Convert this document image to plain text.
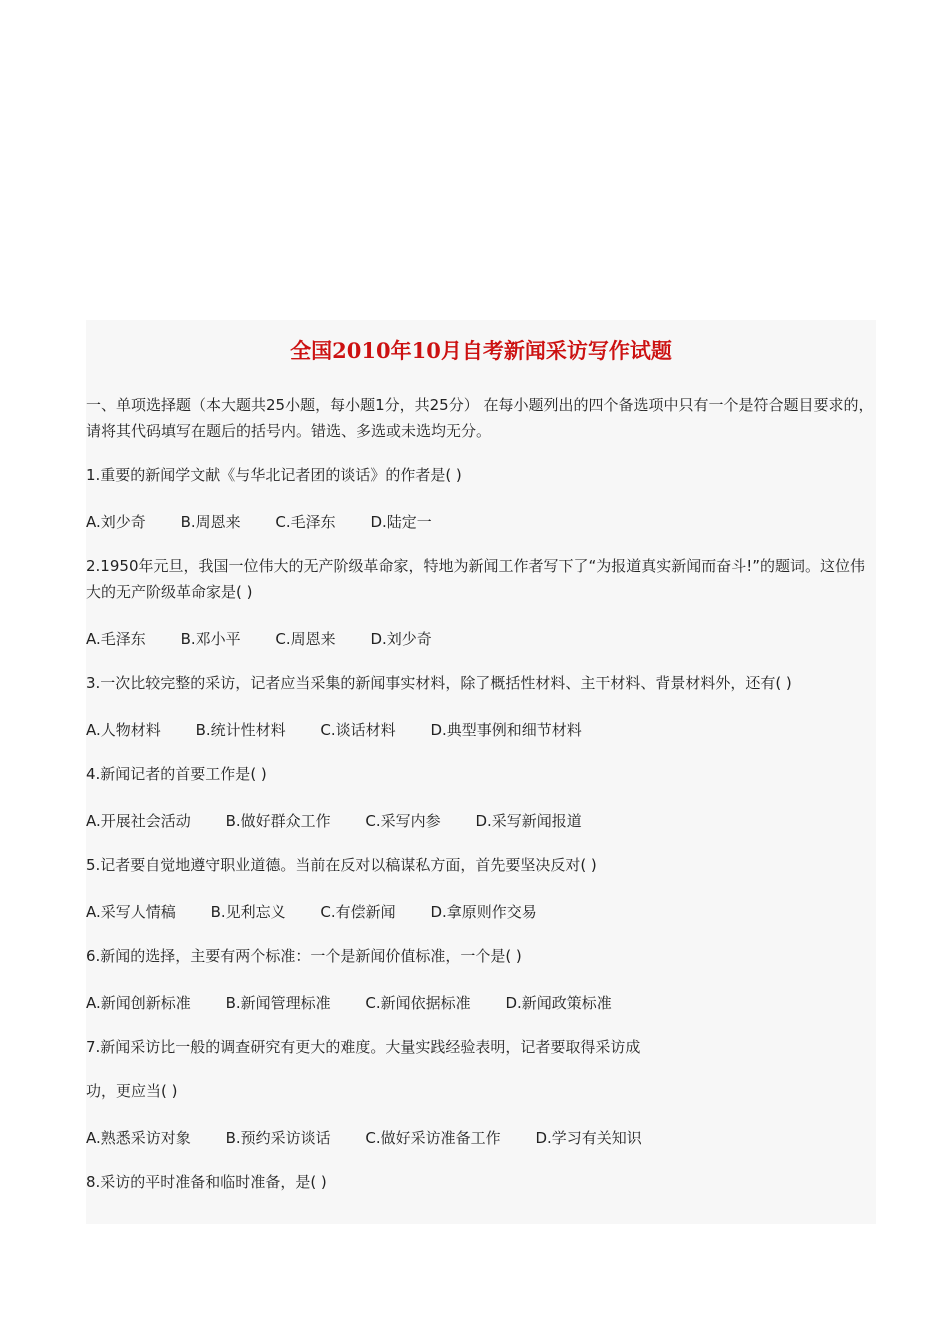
全国2010年10月自考新闻采访写作试题
一、单项选择题（本大题共25小题，每小题1分，共25分） 在每小题列出的四个备选项中只有一个是符合题目要求的，请将其代码填写在题后的括号内。错选、多选或未选均无分。
1.重要的新闻学文献《与华北记者团的谈话》的作者是( )
A.刘少奇 B.周恩来 C.毛泽东 D.陆定一
2.1950年元旦，我国一位伟大的无产阶级革命家，特地为新闻工作者写下了“为报道真实新闻而奋斗!”的题词。这位伟大的无产阶级革命家是( )
A.毛泽东 B.邓小平 C.周恩来 D.刘少奇
3.一次比较完整的采访，记者应当采集的新闻事实材料，除了概括性材料、主干材料、背景材料外，还有( )
A.人物材料 B.统计性材料 C.谈话材料 D.典型事例和细节材料
4.新闻记者的首要工作是( )
A.开展社会活动 B.做好群众工作 C.采写内参 D.采写新闻报道
5.记者要自觉地遵守职业道德。当前在反对以稿谋私方面，首先要坚决反对( )
A.采写人情稿 B.见利忘义 C.有偿新闻 D.拿原则作交易
6.新闻的选择，主要有两个标准：一个是新闻价值标准，一个是( )
A.新闻创新标准 B.新闻管理标准 C.新闻依据标准 D.新闻政策标准
7.新闻采访比一般的调查研究有更大的难度。大量实践经验表明，记者要取得采访成
功，更应当( )
A.熟悉采访对象 B.预约采访谈话 C.做好采访准备工作 D.学习有关知识
8.采访的平时准备和临时准备，是( )
